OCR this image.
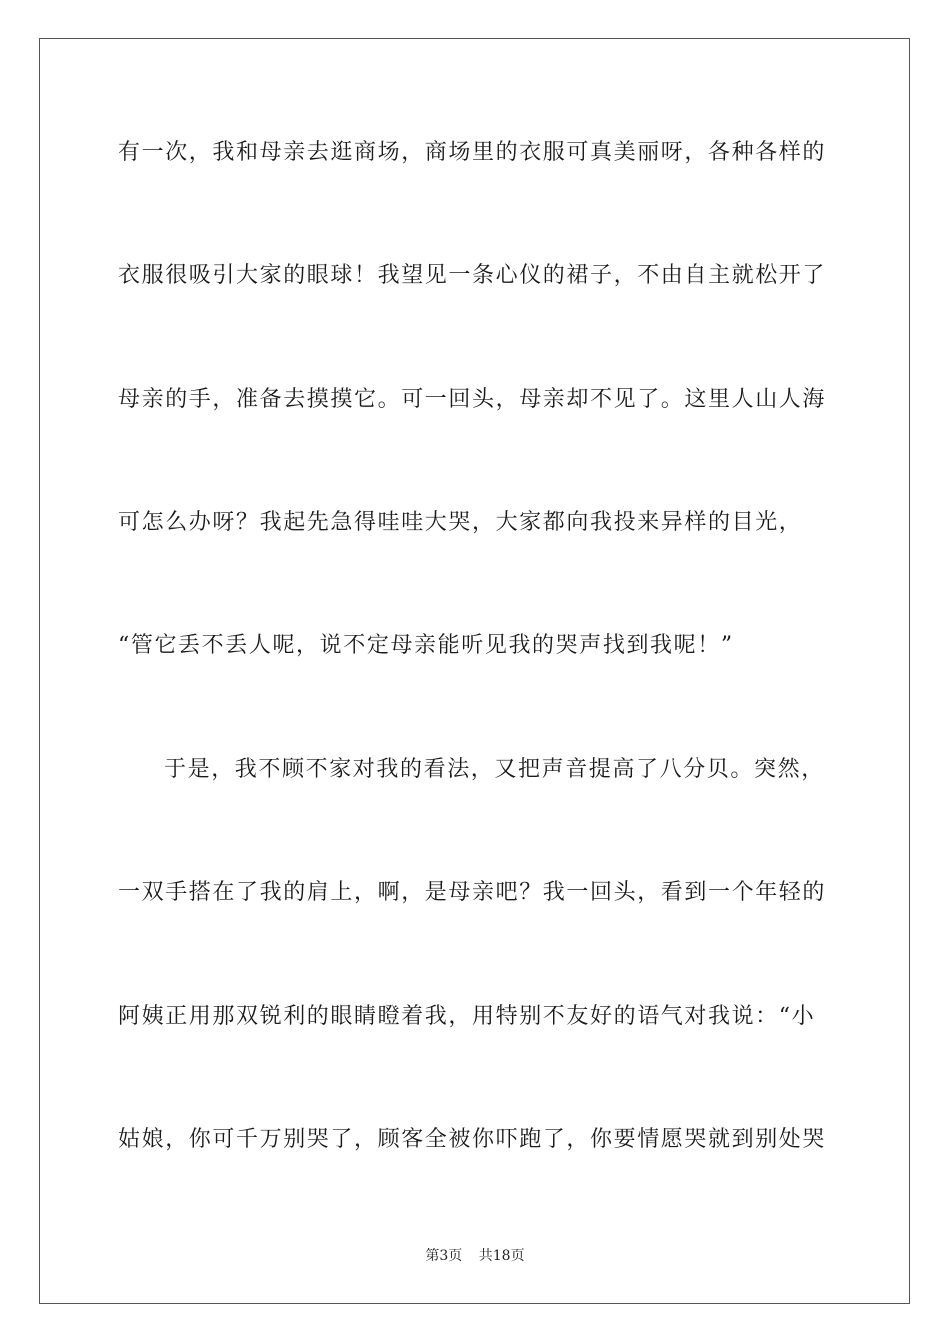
有一次，我和母亲去逛商场，商场里的衣服可真美丽呀，各种各样的

衣服很吸引大家的眼球！我望见一条心仪的裙子，不由自主就松开了

母亲的手，准备去摸摸它。可一回头，母亲却不见了。这里人山人海

可怎么办呀？我起先急得哇哇大哭，大家都向我投来异样的目光，

“管它丢不丢人呢，说不定母亲能听见我的哭声找到我呢！”

于是，我不顾不家对我的看法，又把声音提高了八分贝。突然，

一双手搭在了我的肩上，啊，是母亲吧？我一回头，看到一个年轻的

阿姨正用那双锐利的眼睛瞪着我，用特别不友好的语气对我说：“小

姑娘，你可千万别哭了，顾客全被你吓跑了，你要情愿哭就到别处哭

第3页 共18页
